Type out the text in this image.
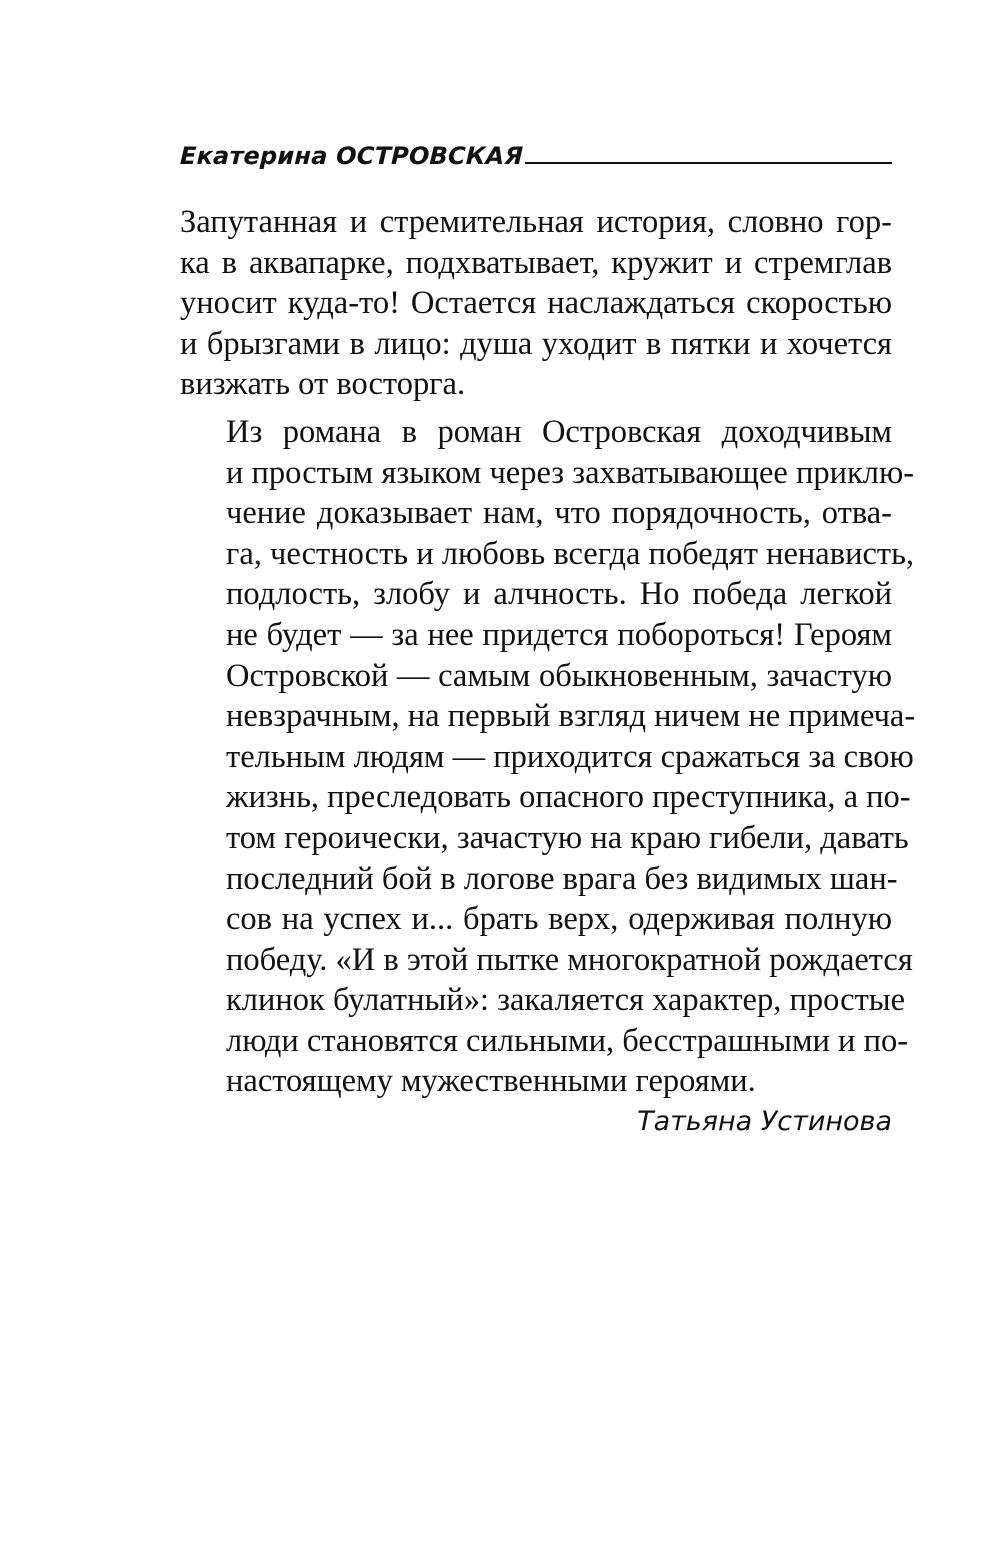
Екатерина ОСТРОВСКАЯ

Запутанная и стремительная история, словно гор-
ка в аквапарке, подхватывает, кружит и стремглав
уносит куда-то! Остается наслаждаться скоростью
и брызгами в лицо: душа уходит в пятки и хочется
визжать от восторга.

Из романа в роман Островская доходчивым
и простым языком через захватывающее приклю-
чение доказывает нам, что порядочность, отва-
га, честность и любовь всегда победят ненависть,
подлость, злобу и алчность. Но победа легкой
не будет — за нее придется побороться! Героям
Островской — самым обыкновенным, зачастую
невзрачным, на первый взгляд ничем не примеча-
тельным людям — приходится сражаться за свою
жизнь, преследовать опасного преступника, а по-
том героически, зачастую на краю гибели, давать
последний бой в логове врага без видимых шан-
сов на успех и... брать верх, одерживая полную
победу. «И в этой пытке многократной рождается
клинок булатный»: закаляется характер, простые
люди становятся сильными, бесстрашными и по-
настоящему мужественными героями.

Татьяна Устинова
